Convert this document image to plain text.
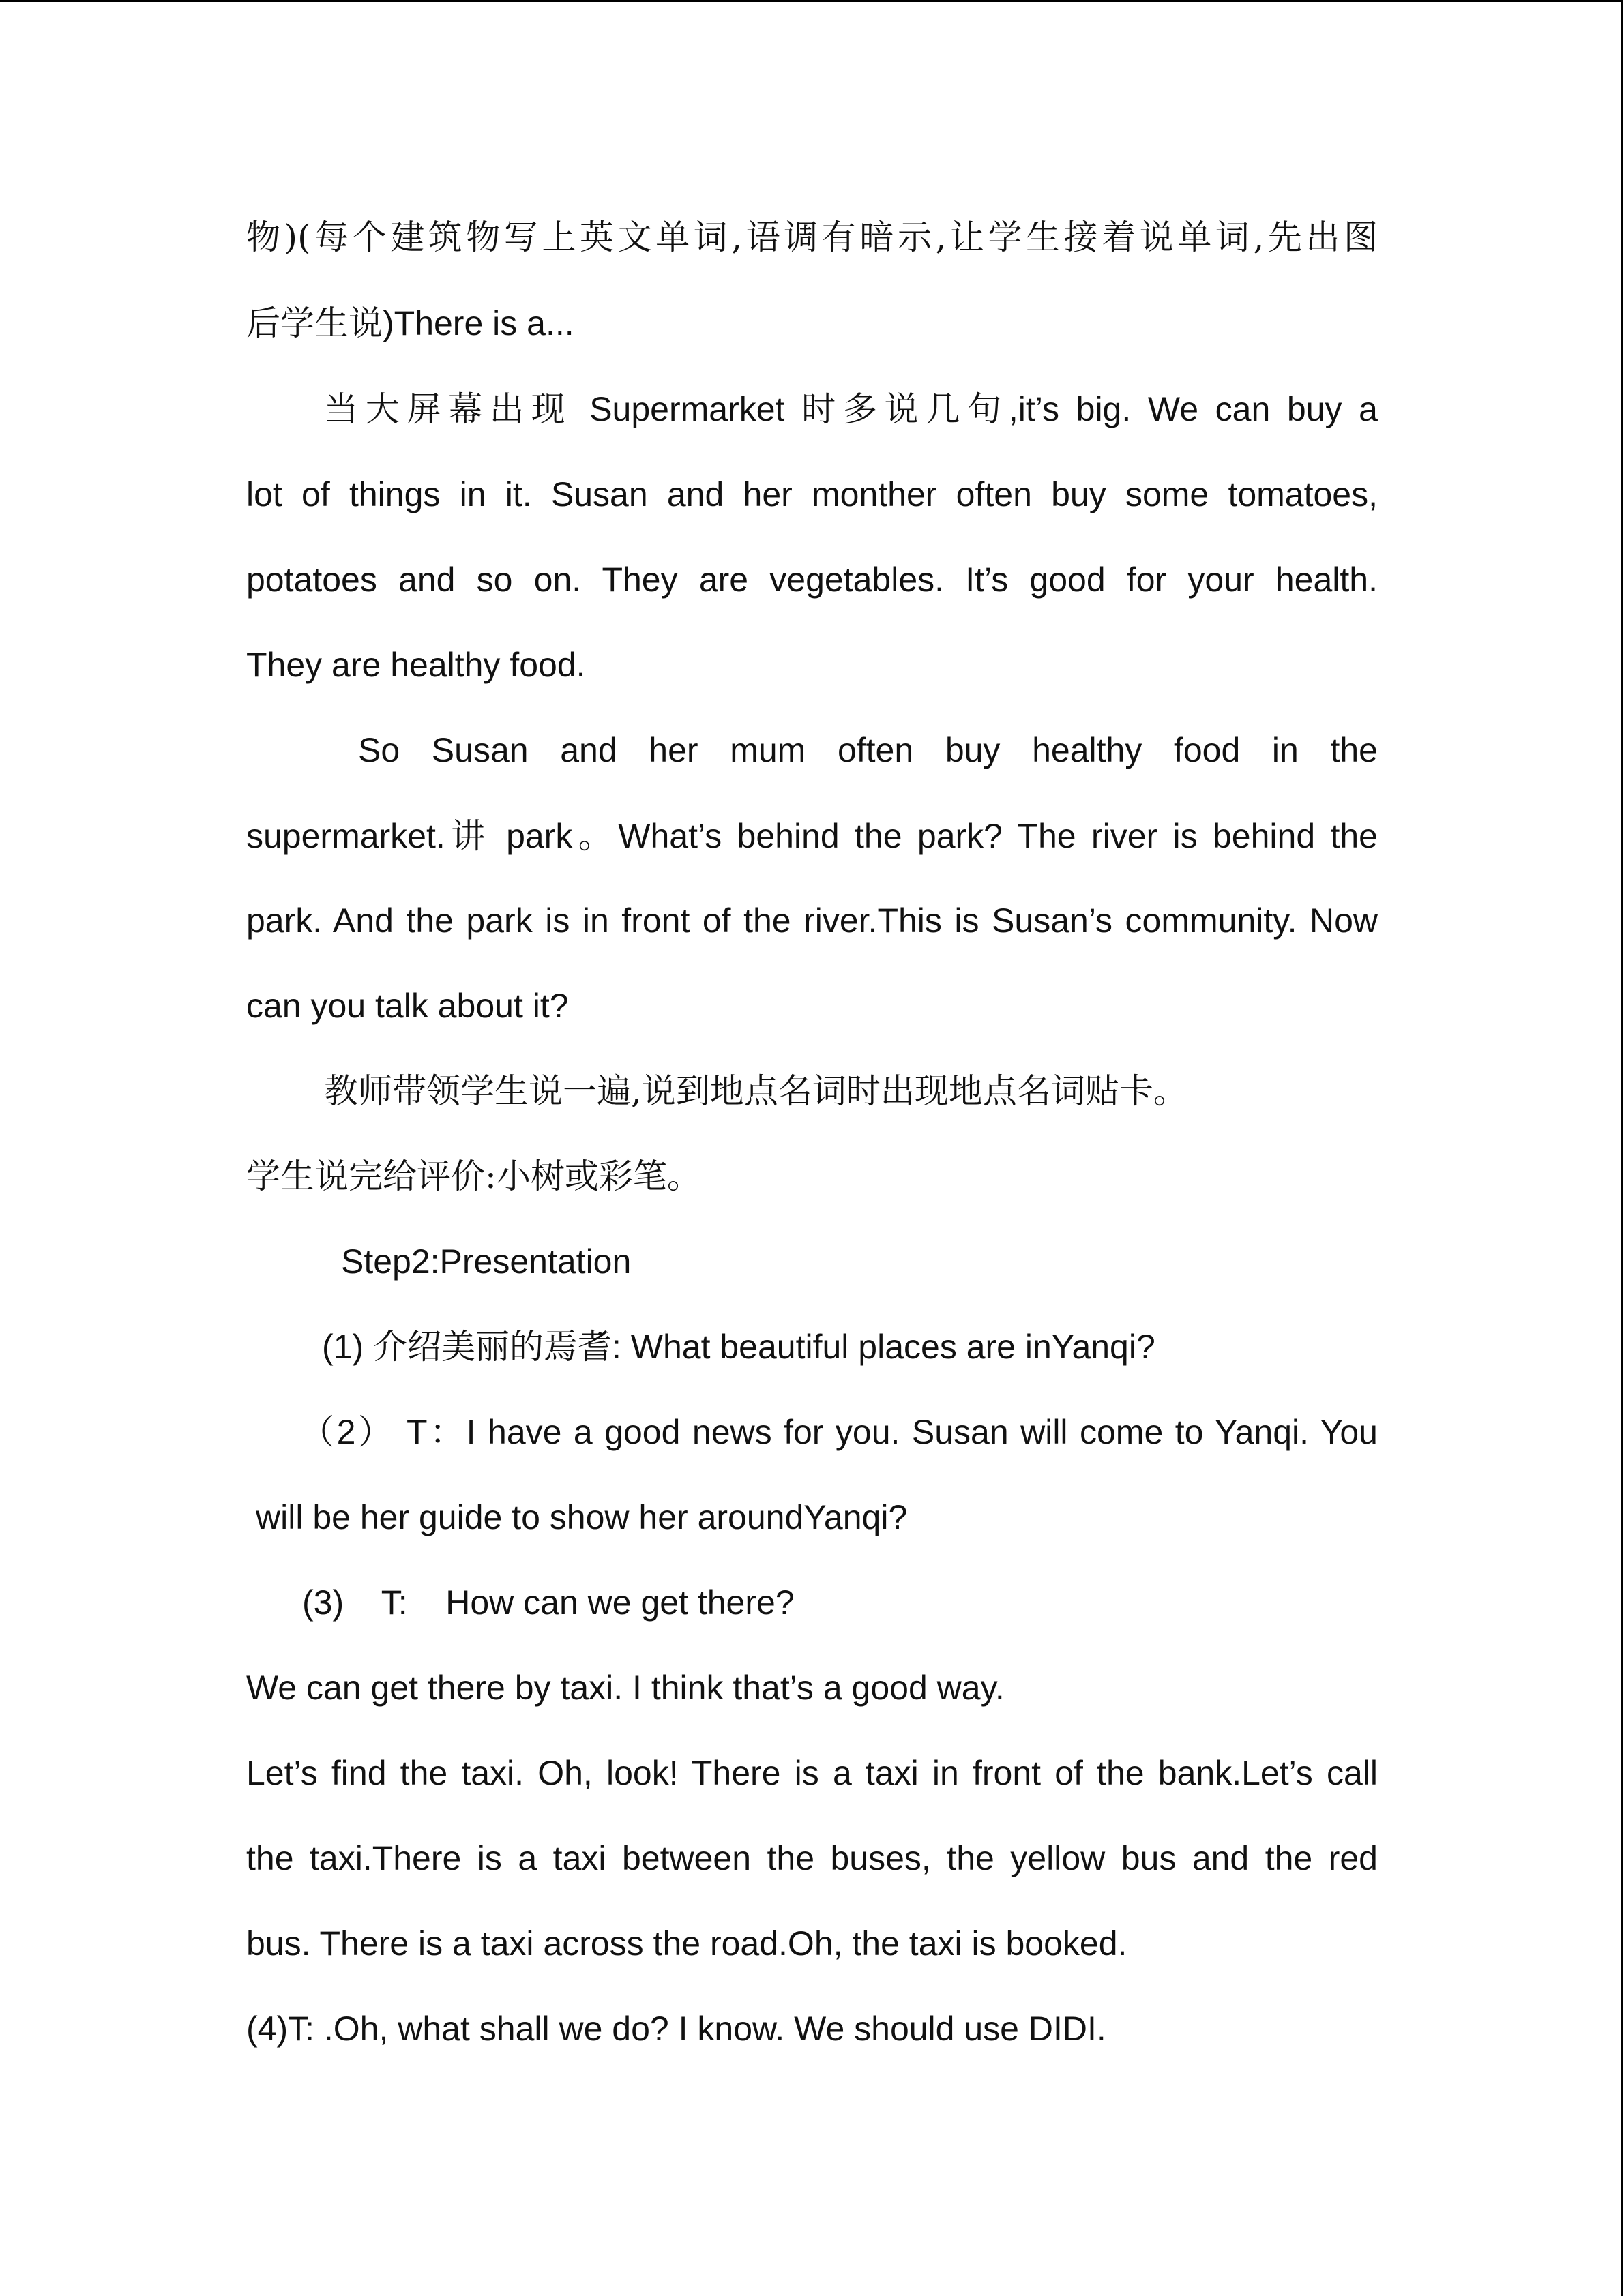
物)(每个建筑物写上英文单词,语调有暗示,让学生接着说单词,先出图
后学生说)There is a...
当大屏幕出现 Supermarket 时多说几句,it’s big. We can buy a
lot of things in it. Susan and her monther often buy some tomatoes,
potatoes and so on. They are vegetables. It’s good for your health.
They are healthy food.
So Susan and her mum often buy healthy food in the
supermarket.讲 park。What’s behind the park? The river is behind the
park. And the park is in front of the river.This is Susan’s community. Now
can you talk about it?
教师带领学生说一遍,说到地点名词时出现地点名词贴卡。
学生说完给评价:小树或彩笔。
Step2:Presentation
(1) 介绍美丽的焉耆: What beautiful places are inYanqi?
（2） T：I have a good news for you. Susan will come to Yanqi. You
will be her guide to show her aroundYanqi?
(3)    T:    How can we get there?
We can get there by taxi. I think that’s a good way.
Let’s find the taxi. Oh, look! There is a taxi in front of the bank.Let’s call
the taxi.There is a taxi between the buses, the yellow bus and the red
bus. There is a taxi across the road.Oh, the taxi is booked.
(4)T: .Oh, what shall we do? I know. We should use DIDI.
